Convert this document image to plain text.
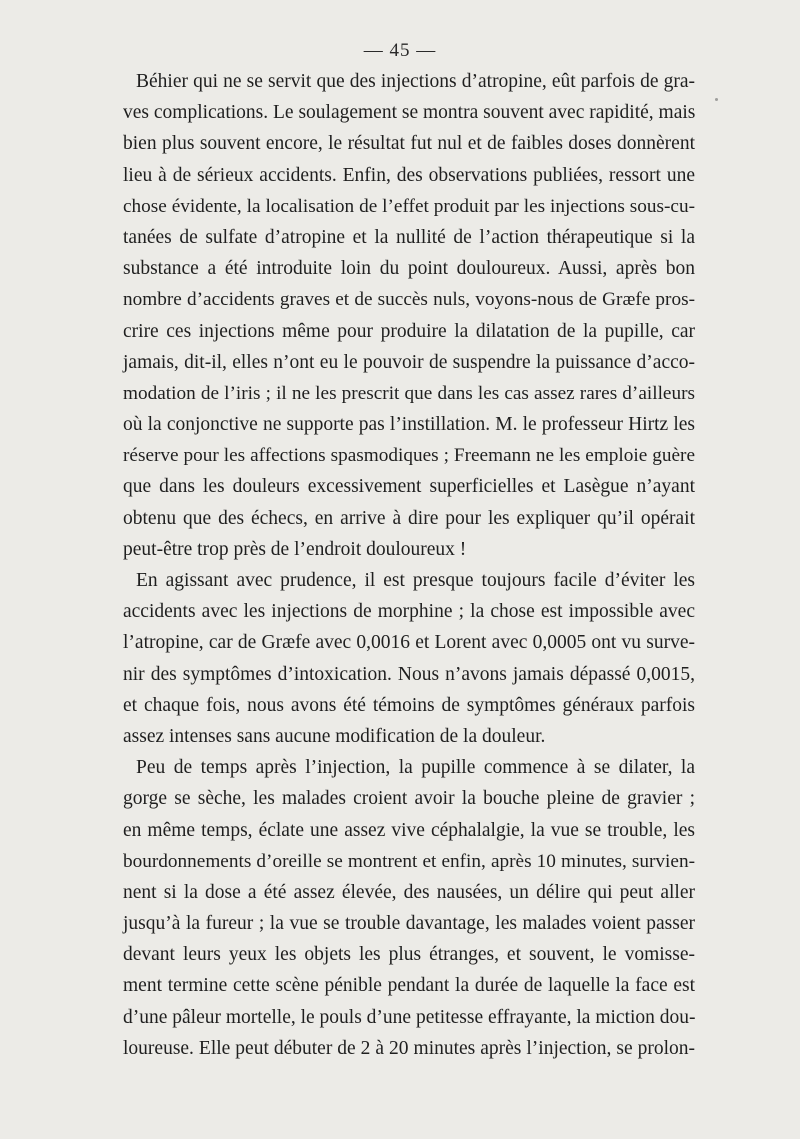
— 45 —
Béhier qui ne se servit que des injections d’atropine, eût parfois de gra-
ves complications. Le soulagement se montra souvent avec rapidité, mais
bien plus souvent encore, le résultat fut nul et de faibles doses donnèrent
lieu à de sérieux accidents. Enfin, des observations publiées, ressort une
chose évidente, la localisation de l’effet produit par les injections sous-cu-
tanées de sulfate d’atropine et la nullité de l’action thérapeutique si la
substance a été introduite loin du point douloureux. Aussi, après bon
nombre d’accidents graves et de succès nuls, voyons-nous de Græfe pros-
crire ces injections même pour produire la dilatation de la pupille, car
jamais, dit-il, elles n’ont eu le pouvoir de suspendre la puissance d’acco-
modation de l’iris ; il ne les prescrit que dans les cas assez rares d’ailleurs
où la conjonctive ne supporte pas l’instillation. M. le professeur Hirtz les
réserve pour les affections spasmodiques ; Freemann ne les emploie guère
que dans les douleurs excessivement superficielles et Lasègue n’ayant
obtenu que des échecs, en arrive à dire pour les expliquer qu’il opérait
peut-être trop près de l’endroit douloureux !
En agissant avec prudence, il est presque toujours facile d’éviter les
accidents avec les injections de morphine ; la chose est impossible avec
l’atropine, car de Græfe avec 0,0016 et Lorent avec 0,0005 ont vu surve-
nir des symptômes d’intoxication. Nous n’avons jamais dépassé 0,0015,
et chaque fois, nous avons été témoins de symptômes généraux parfois
assez intenses sans aucune modification de la douleur.
Peu de temps après l’injection, la pupille commence à se dilater, la
gorge se sèche, les malades croient avoir la bouche pleine de gravier ;
en même temps, éclate une assez vive céphalalgie, la vue se trouble, les
bourdonnements d’oreille se montrent et enfin, après 10 minutes, survien-
nent si la dose a été assez élevée, des nausées, un délire qui peut aller
jusqu’à la fureur ; la vue se trouble davantage, les malades voient passer
devant leurs yeux les objets les plus étranges, et souvent, le vomisse-
ment termine cette scène pénible pendant la durée de laquelle la face est
d’une pâleur mortelle, le pouls d’une petitesse effrayante, la miction dou-
loureuse. Elle peut débuter de 2 à 20 minutes après l’injection, se prolon-
